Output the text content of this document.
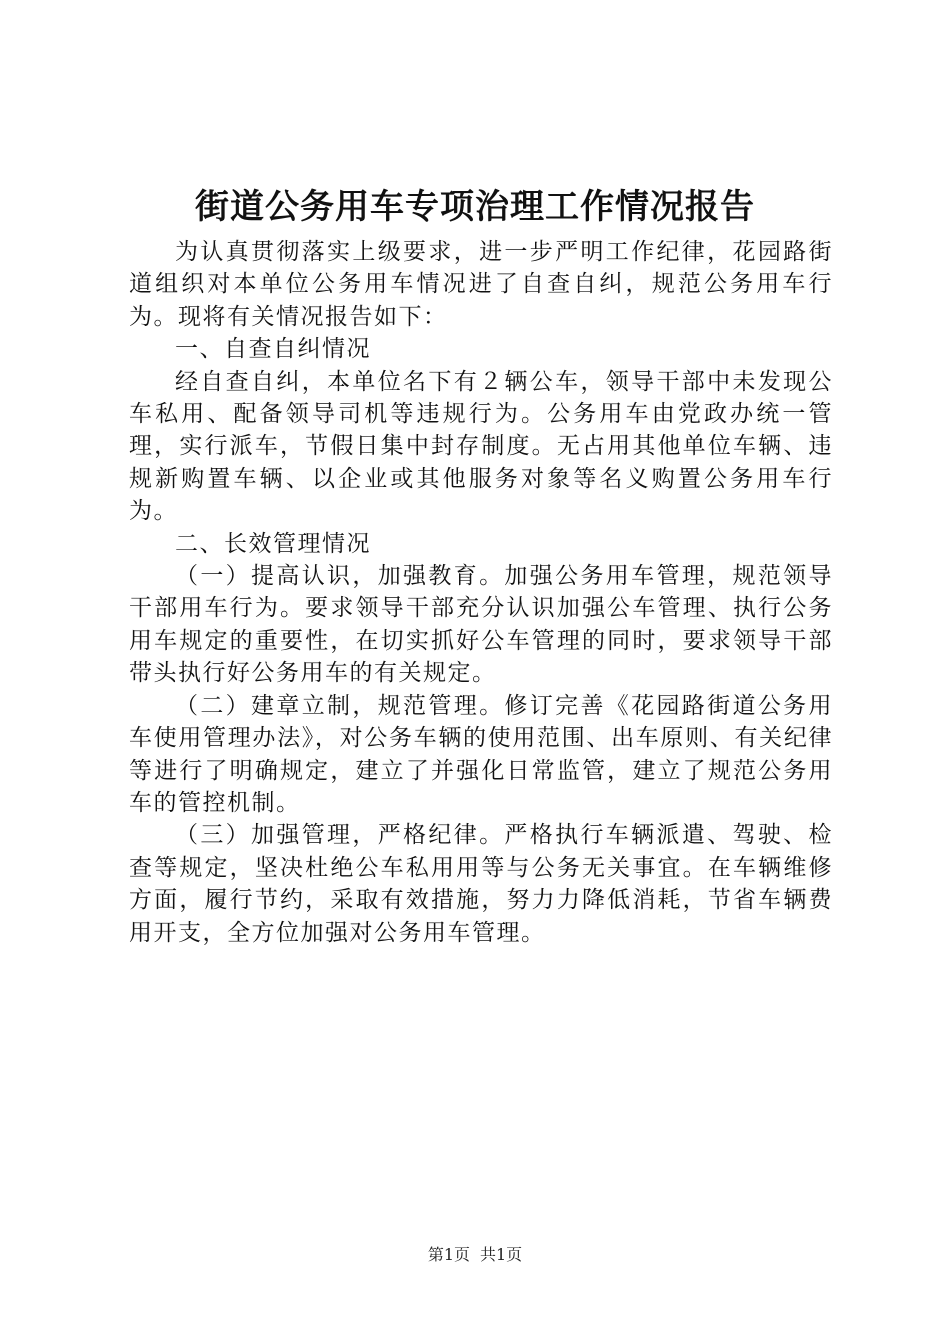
街道公务用车专项治理工作情况报告

为认真贯彻落实上级要求，进一步严明工作纪律，花园路街道组织对本单位公务用车情况进了自查自纠，规范公务用车行为。现将有关情况报告如下：

一、自查自纠情况

经自查自纠，本单位名下有２辆公车，领导干部中未发现公车私用、配备领导司机等违规行为。公务用车由党政办统一管理，实行派车，节假日集中封存制度。无占用其他单位车辆、违规新购置车辆、以企业或其他服务对象等名义购置公务用车行为。

二、长效管理情况

（一）提高认识，加强教育。加强公务用车管理，规范领导干部用车行为。要求领导干部充分认识加强公车管理、执行公务用车规定的重要性，在切实抓好公车管理的同时，要求领导干部带头执行好公务用车的有关规定。

（二）建章立制，规范管理。修订完善《花园路街道公务用车使用管理办法》，对公务车辆的使用范围、出车原则、有关纪律等进行了明确规定，建立了并强化日常监管，建立了规范公务用车的管控机制。

（三）加强管理，严格纪律。严格执行车辆派遣、驾驶、检查等规定，坚决杜绝公车私用用等与公务无关事宜。在车辆维修方面，履行节约，采取有效措施，努力力降低消耗，节省车辆费用开支，全方位加强对公务用车管理。

第1页 共1页
